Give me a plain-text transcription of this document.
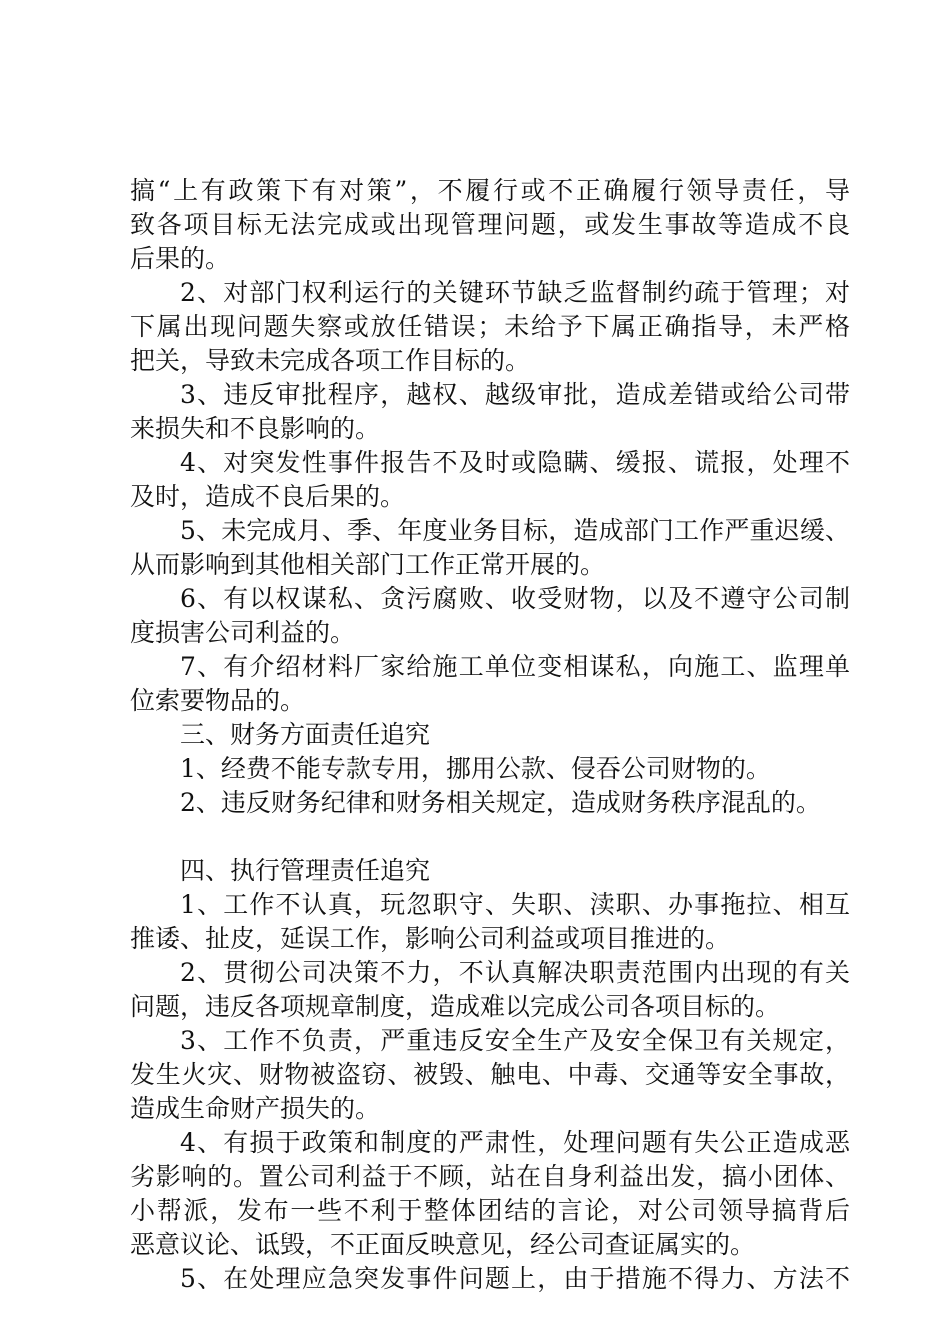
搞“上有政策下有对策”，不履行或不正确履行领导责任，导
致各项目标无法完成或出现管理问题，或发生事故等造成不良
后果的。
2、对部门权利运行的关键环节缺乏监督制约疏于管理；对
下属出现问题失察或放任错误；未给予下属正确指导，未严格
把关，导致未完成各项工作目标的。
3、违反审批程序，越权、越级审批，造成差错或给公司带
来损失和不良影响的。
4、对突发性事件报告不及时或隐瞒、缓报、谎报，处理不
及时，造成不良后果的。
5、未完成月、季、年度业务目标，造成部门工作严重迟缓、
从而影响到其他相关部门工作正常开展的。
6、有以权谋私、贪污腐败、收受财物，以及不遵守公司制
度损害公司利益的。
7、有介绍材料厂家给施工单位变相谋私，向施工、监理单
位索要物品的。
三、财务方面责任追究
1、经费不能专款专用，挪用公款、侵吞公司财物的。
2、违反财务纪律和财务相关规定，造成财务秩序混乱的。
四、执行管理责任追究
1、工作不认真，玩忽职守、失职、渎职、办事拖拉、相互
推诿、扯皮，延误工作，影响公司利益或项目推进的。
2、贯彻公司决策不力，不认真解决职责范围内出现的有关
问题，违反各项规章制度，造成难以完成公司各项目标的。
3、工作不负责，严重违反安全生产及安全保卫有关规定，
发生火灾、财物被盗窃、被毁、触电、中毒、交通等安全事故，
造成生命财产损失的。
4、有损于政策和制度的严肃性，处理问题有失公正造成恶
劣影响的。置公司利益于不顾，站在自身利益出发，搞小团体、
小帮派，发布一些不利于整体团结的言论，对公司领导搞背后
恶意议论、诋毁，不正面反映意见，经公司查证属实的。
5、在处理应急突发事件问题上，由于措施不得力、方法不
